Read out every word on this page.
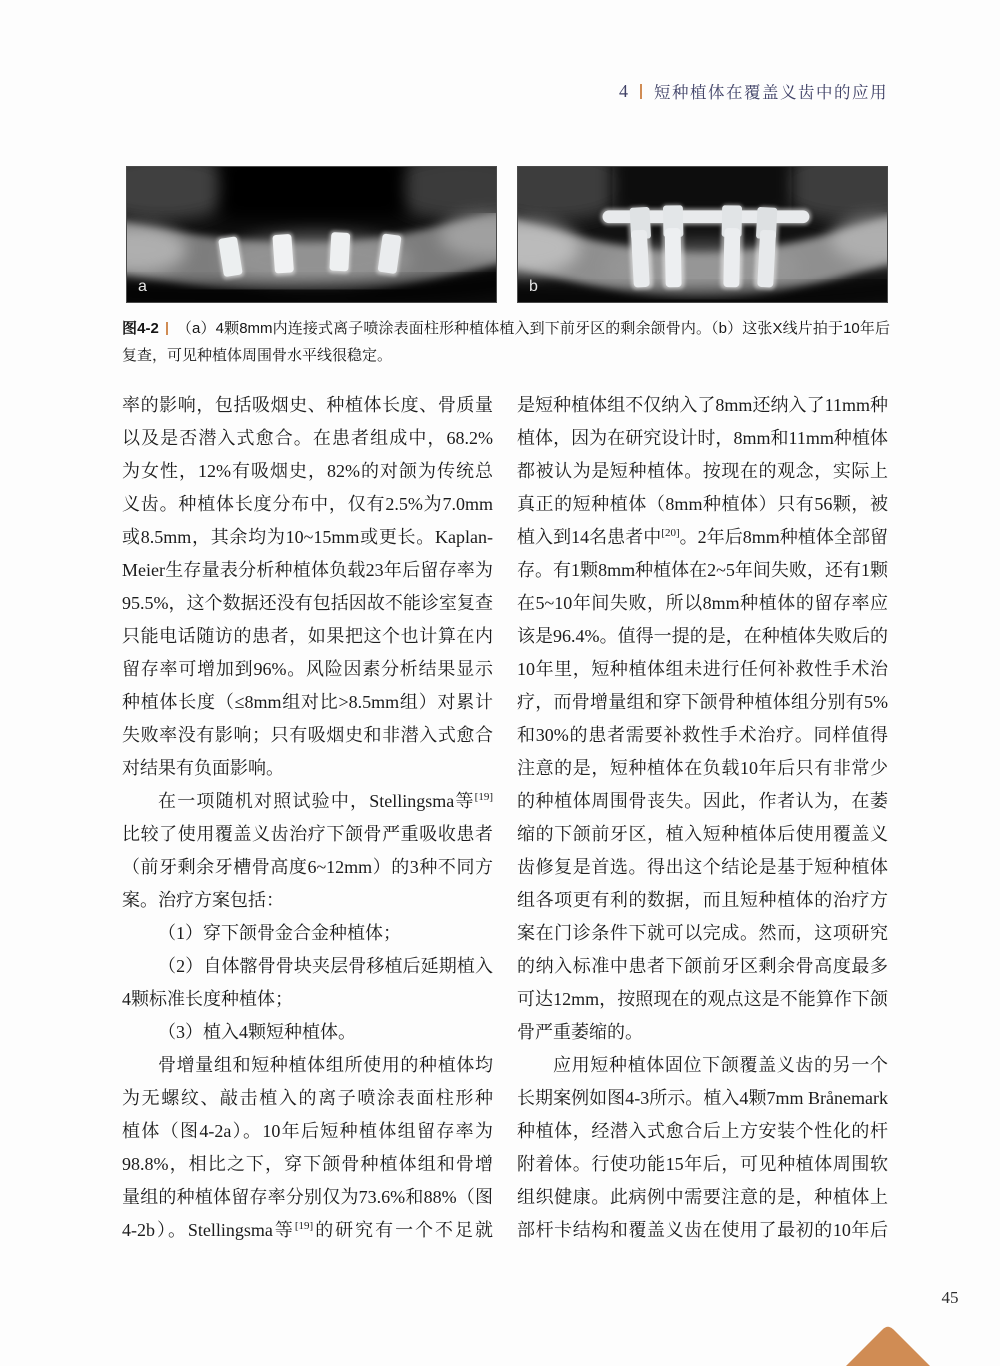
4 短种植体在覆盖义齿中的应用
a	b
图4-2 （a）4颗8mm内连接式离子喷涂表面柱形种植体植入到下前牙区的剩余颌骨内。（b）这张X线片拍于10年后复查，可见种植体周围骨水平线很稳定。
率的影响，包括吸烟史、种植体长度、骨质量
以及是否潜入式愈合。在患者组成中，68.2%
为女性，12%有吸烟史，82%的对颌为传统总
义齿。种植体长度分布中，仅有2.5%为7.0mm
或8.5mm，其余均为10~15mm或更长。Kaplan-
Meier生存量表分析种植体负载23年后留存率为
95.5%，这个数据还没有包括因故不能诊室复查
只能电话随访的患者，如果把这个也计算在内
留存率可增加到96%。风险因素分析结果显示
种植体长度（≤8mm组对比>8.5mm组）对累计
失败率没有影响；只有吸烟史和非潜入式愈合
对结果有负面影响。
在一项随机对照试验中，Stellingsma等[19]
比较了使用覆盖义齿治疗下颌骨严重吸收患者
（前牙剩余牙槽骨高度6~12mm）的3种不同方
案。治疗方案包括：
（1）穿下颌骨金合金种植体；
（2）自体髂骨骨块夹层骨移植后延期植入
4颗标准长度种植体；
（3）植入4颗短种植体。
骨增量组和短种植体组所使用的种植体均
为无螺纹、敲击植入的离子喷涂表面柱形种
植体（图4-2a）。10年后短种植体组留存率为
98.8%，相比之下，穿下颌骨种植体组和骨增
量组的种植体留存率分别仅为73.6%和88%（图
4-2b）。Stellingsma等[19]的研究有一个不足就
是短种植体组不仅纳入了8mm还纳入了11mm种
植体，因为在研究设计时，8mm和11mm种植体
都被认为是短种植体。按现在的观念，实际上
真正的短种植体（8mm种植体）只有56颗，被
植入到14名患者中[20]。2年后8mm种植体全部留
存。有1颗8mm种植体在2~5年间失败，还有1颗
在5~10年间失败，所以8mm种植体的留存率应
该是96.4%。值得一提的是，在种植体失败后的
10年里，短种植体组未进行任何补救性手术治
疗，而骨增量组和穿下颌骨种植体组分别有5%
和30%的患者需要补救性手术治疗。同样值得
注意的是，短种植体在负载10年后只有非常少
的种植体周围骨丧失。因此，作者认为，在萎
缩的下颌前牙区，植入短种植体后使用覆盖义
齿修复是首选。得出这个结论是基于短种植体
组各项更有利的数据，而且短种植体的治疗方
案在门诊条件下就可以完成。然而，这项研究
的纳入标准中患者下颌前牙区剩余骨高度最多
可达12mm，按照现在的观点这是不能算作下颌
骨严重萎缩的。
应用短种植体固位下颌覆盖义齿的另一个
长期案例如图4-3所示。植入4颗7mm Brånemark
种植体，经潜入式愈合后上方安装个性化的杆
附着体。行使功能15年后，可见种植体周围软
组织健康。此病例中需要注意的是，种植体上
部杆卡结构和覆盖义齿在使用了最初的10年后
45
